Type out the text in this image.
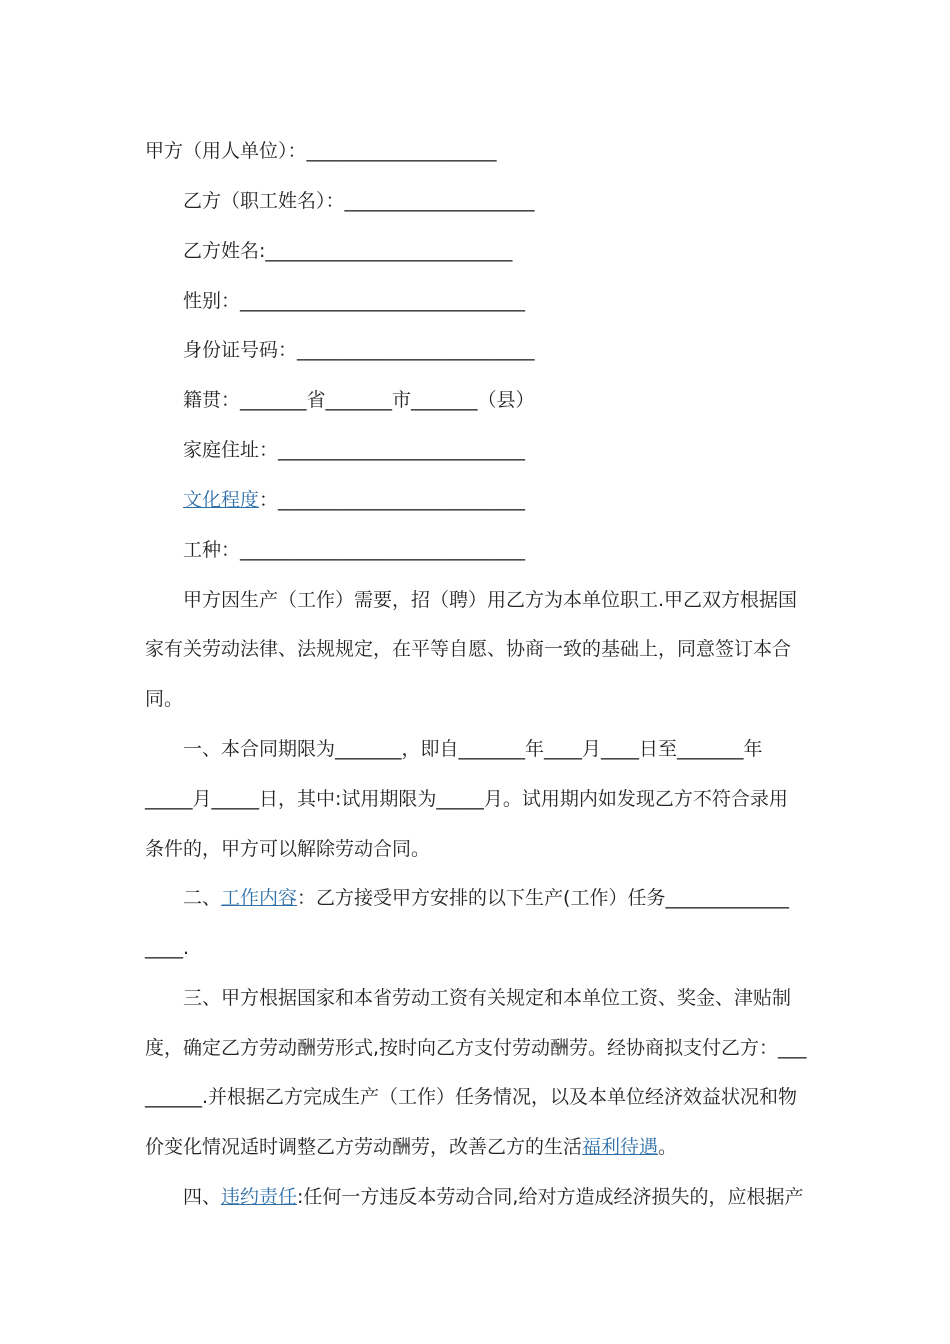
甲方（用人单位）：____________________
乙方（职工姓名）：____________________
乙方姓名:__________________________
性别：______________________________
身份证号码：_________________________
籍贯：_______省_______市_______（县）
家庭住址：__________________________
文化程度：__________________________
工种：______________________________
甲方因生产（工作）需要，招（聘）用乙方为本单位职工.甲乙双方根据国
家有关劳动法律、法规规定，在平等自愿、协商一致的基础上，同意签订本合
同。
一、本合同期限为_______，即自_______年____月____日至_______年
_____月_____日，其中:试用期限为_____月。试用期内如发现乙方不符合录用
条件的，甲方可以解除劳动合同。
二、工作内容：乙方接受甲方安排的以下生产(工作）任务_____________
____.
三、甲方根据国家和本省劳动工资有关规定和本单位工资、奖金、津贴制
度，确定乙方劳动酬劳形式,按时向乙方支付劳动酬劳。经协商拟支付乙方：___
______.并根据乙方完成生产（工作）任务情况，以及本单位经济效益状况和物
价变化情况适时调整乙方劳动酬劳，改善乙方的生活福利待遇。
四、违约责任:任何一方违反本劳动合同,给对方造成经济损失的，应根据产
